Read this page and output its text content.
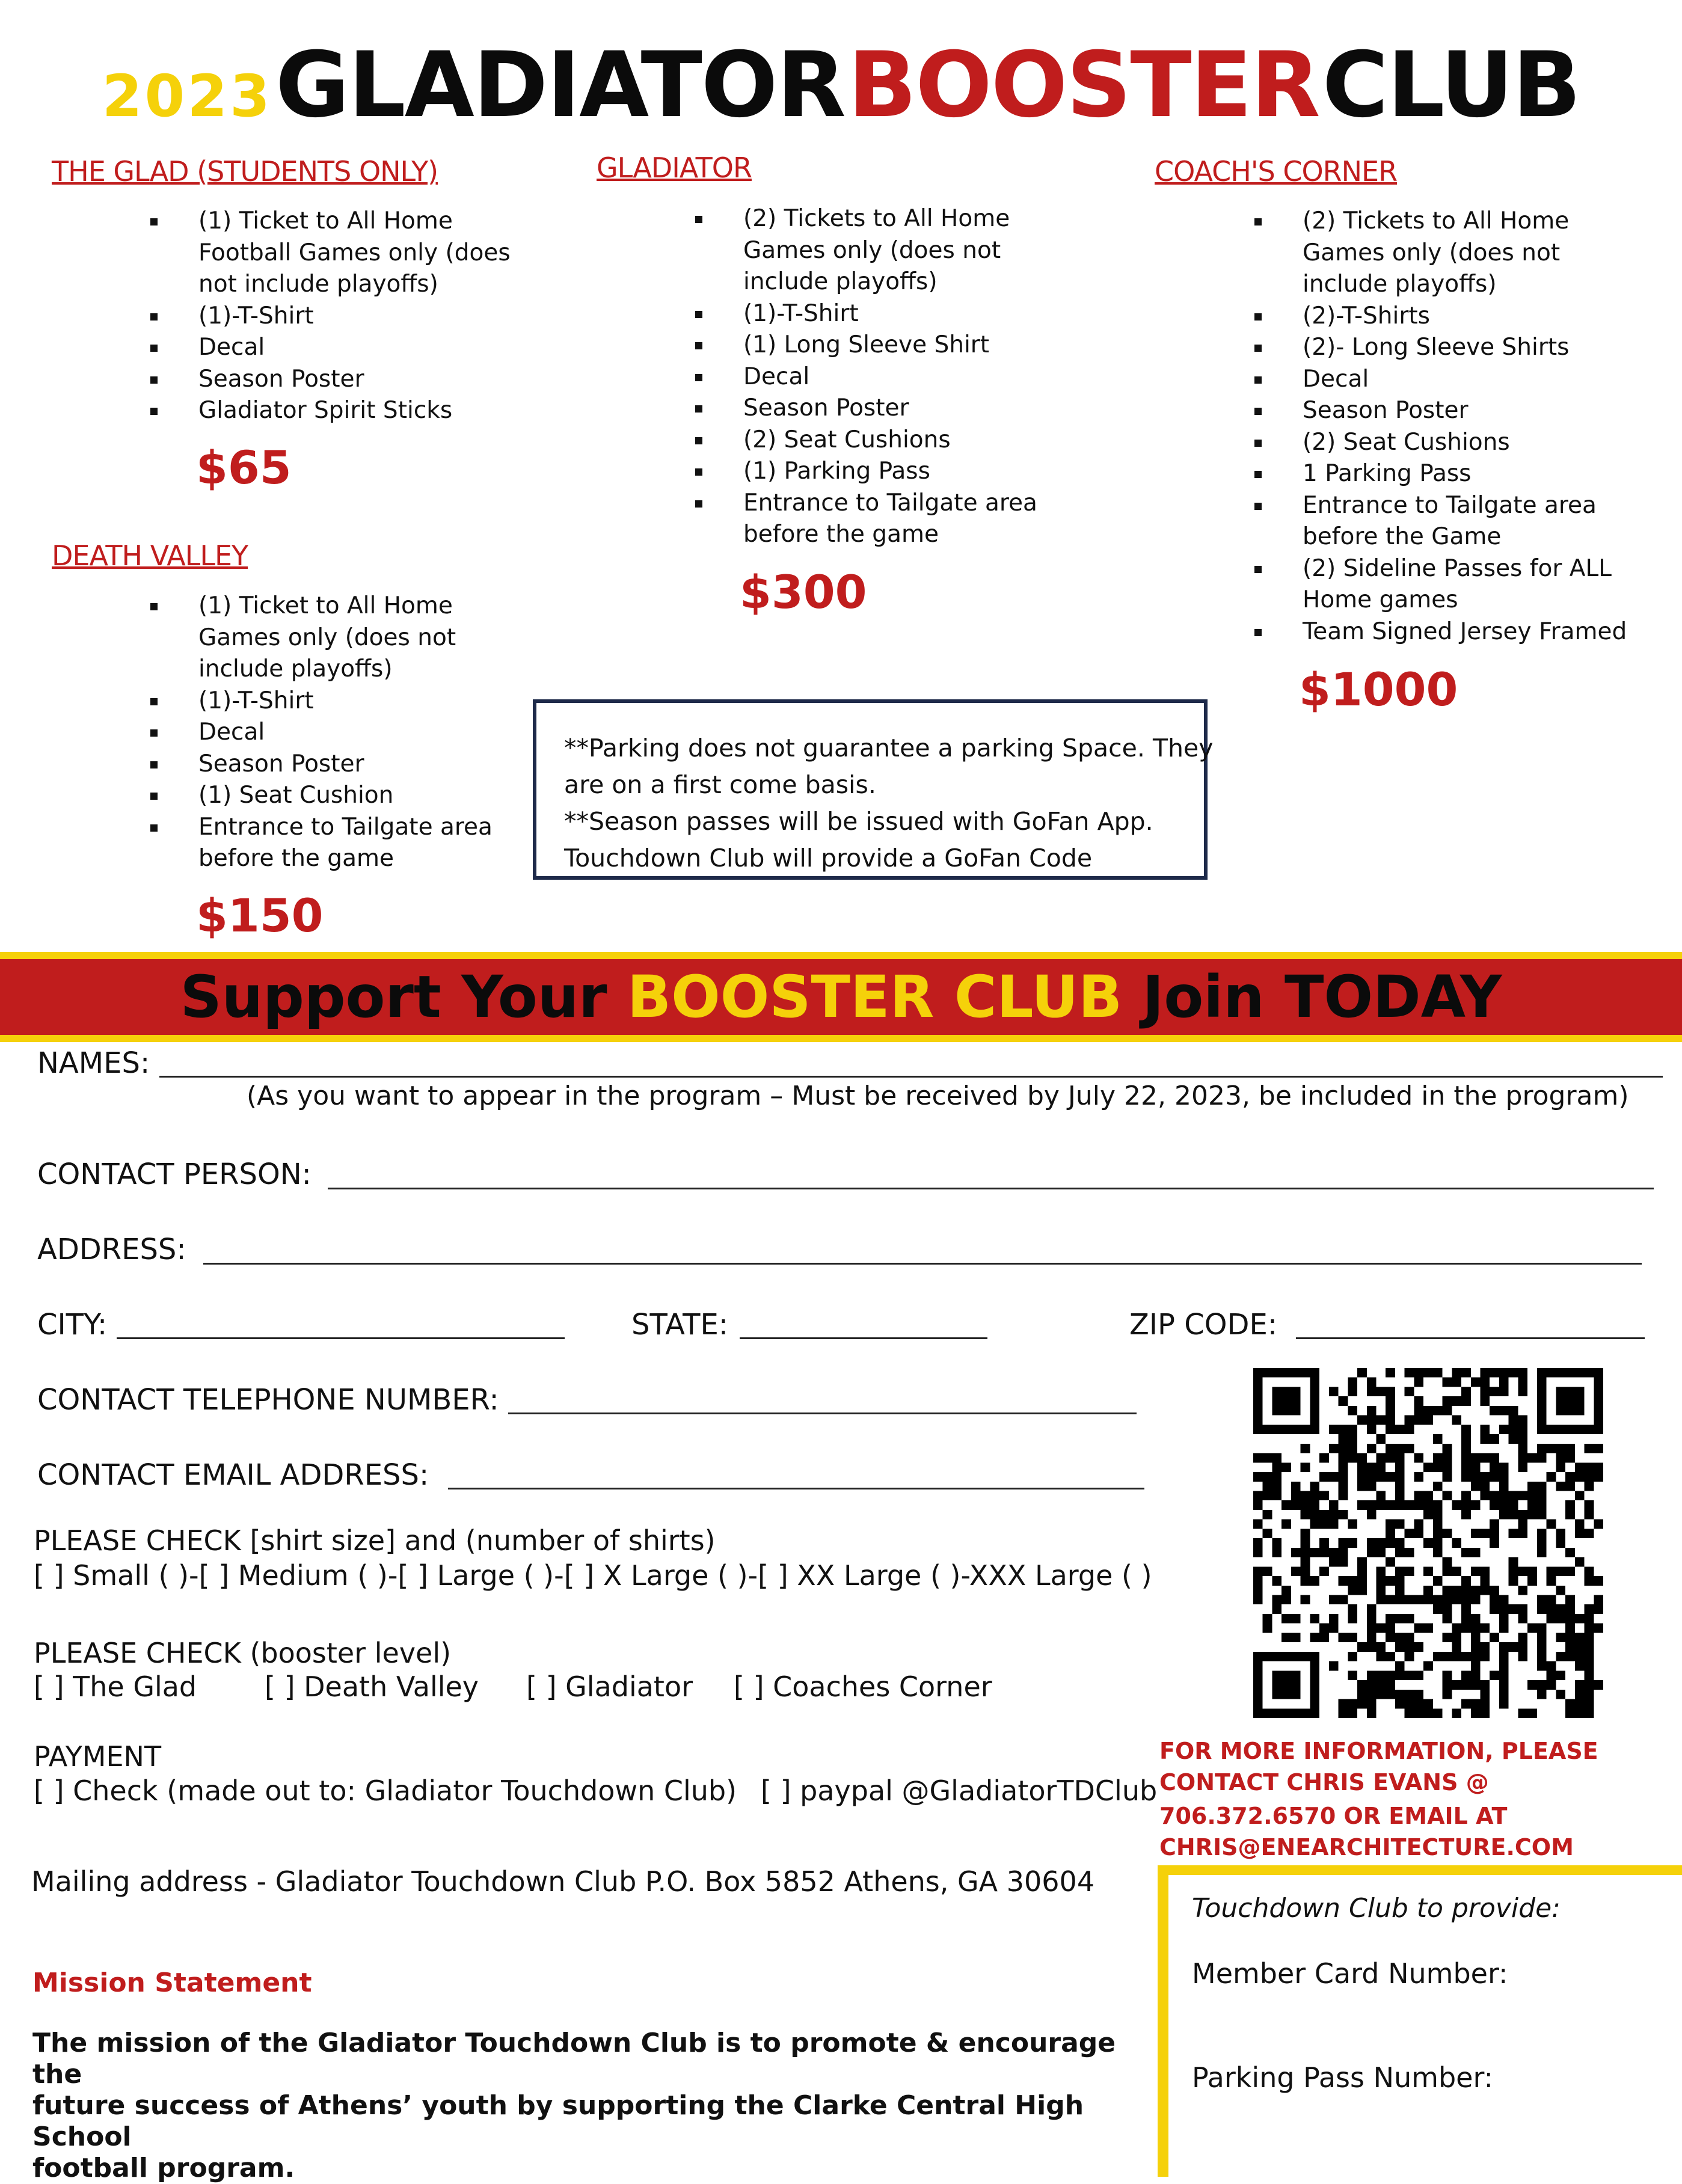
2023 GLADIATOR BOOSTER CLUB
THE GLAD (STUDENTS ONLY)
(1) Ticket to All Home Football Games only (does not include playoffs)
(1)-T-Shirt
Decal
Season Poster
Gladiator Spirit Sticks
$65
DEATH VALLEY
(1) Ticket to All Home Games only (does not include playoffs)
(1)-T-Shirt
Decal
Season Poster
(1) Seat Cushion
Entrance to Tailgate area before the game
$150
GLADIATOR
(2) Tickets to All Home Games only (does not include playoffs)
(1)-T-Shirt
(1) Long Sleeve Shirt
Decal
Season Poster
(2) Seat Cushions
(1) Parking Pass
Entrance to Tailgate area before the game
$300
COACH'S CORNER
(2) Tickets to All Home Games only (does not include playoffs)
(2)-T-Shirts
(2)- Long Sleeve Shirts
Decal
Season Poster
(2) Seat Cushions
1 Parking Pass
Entrance to Tailgate area before the Game
(2) Sideline Passes for ALL Home games
Team Signed Jersey Framed
$1000
**Parking does not guarantee a parking Space. They
are on a first come basis.
**Season passes will be issued with GoFan App.
Touchdown Club will provide a GoFan Code
Support Your BOOSTER CLUB Join TODAY
NAMES:
(As you want to appear in the program – Must be received by July 22, 2023, be included in the program)
CONTACT PERSON:
ADDRESS:
CITY:	STATE:	ZIP CODE:
CONTACT TELEPHONE NUMBER:
CONTACT EMAIL ADDRESS:
PLEASE CHECK [shirt size] and (number of shirts)
[ ] Small ( )-[ ] Medium ( )-[ ] Large ( )-[ ] X Large ( )-[ ] XX Large ( )-XXX Large ( )
PLEASE CHECK (booster level)
[ ] The Glad [ ] Death Valley [ ] Gladiator [ ] Coaches Corner
PAYMENT
[ ] Check (made out to: Gladiator Touchdown Club) [ ] paypal @GladiatorTDClub
Mailing address - Gladiator Touchdown Club P.O. Box 5852 Athens, GA 30604
FOR MORE INFORMATION, PLEASE
CONTACT CHRIS EVANS @
706.372.6570 OR EMAIL AT
CHRIS@ENEARCHITECTURE.COM
Mission Statement
The mission of the Gladiator Touchdown Club is to promote & encourage the
future success of Athens’ youth by supporting the Clarke Central High School
football program.
Touchdown Club to provide:
Member Card Number:
Parking Pass Number:
